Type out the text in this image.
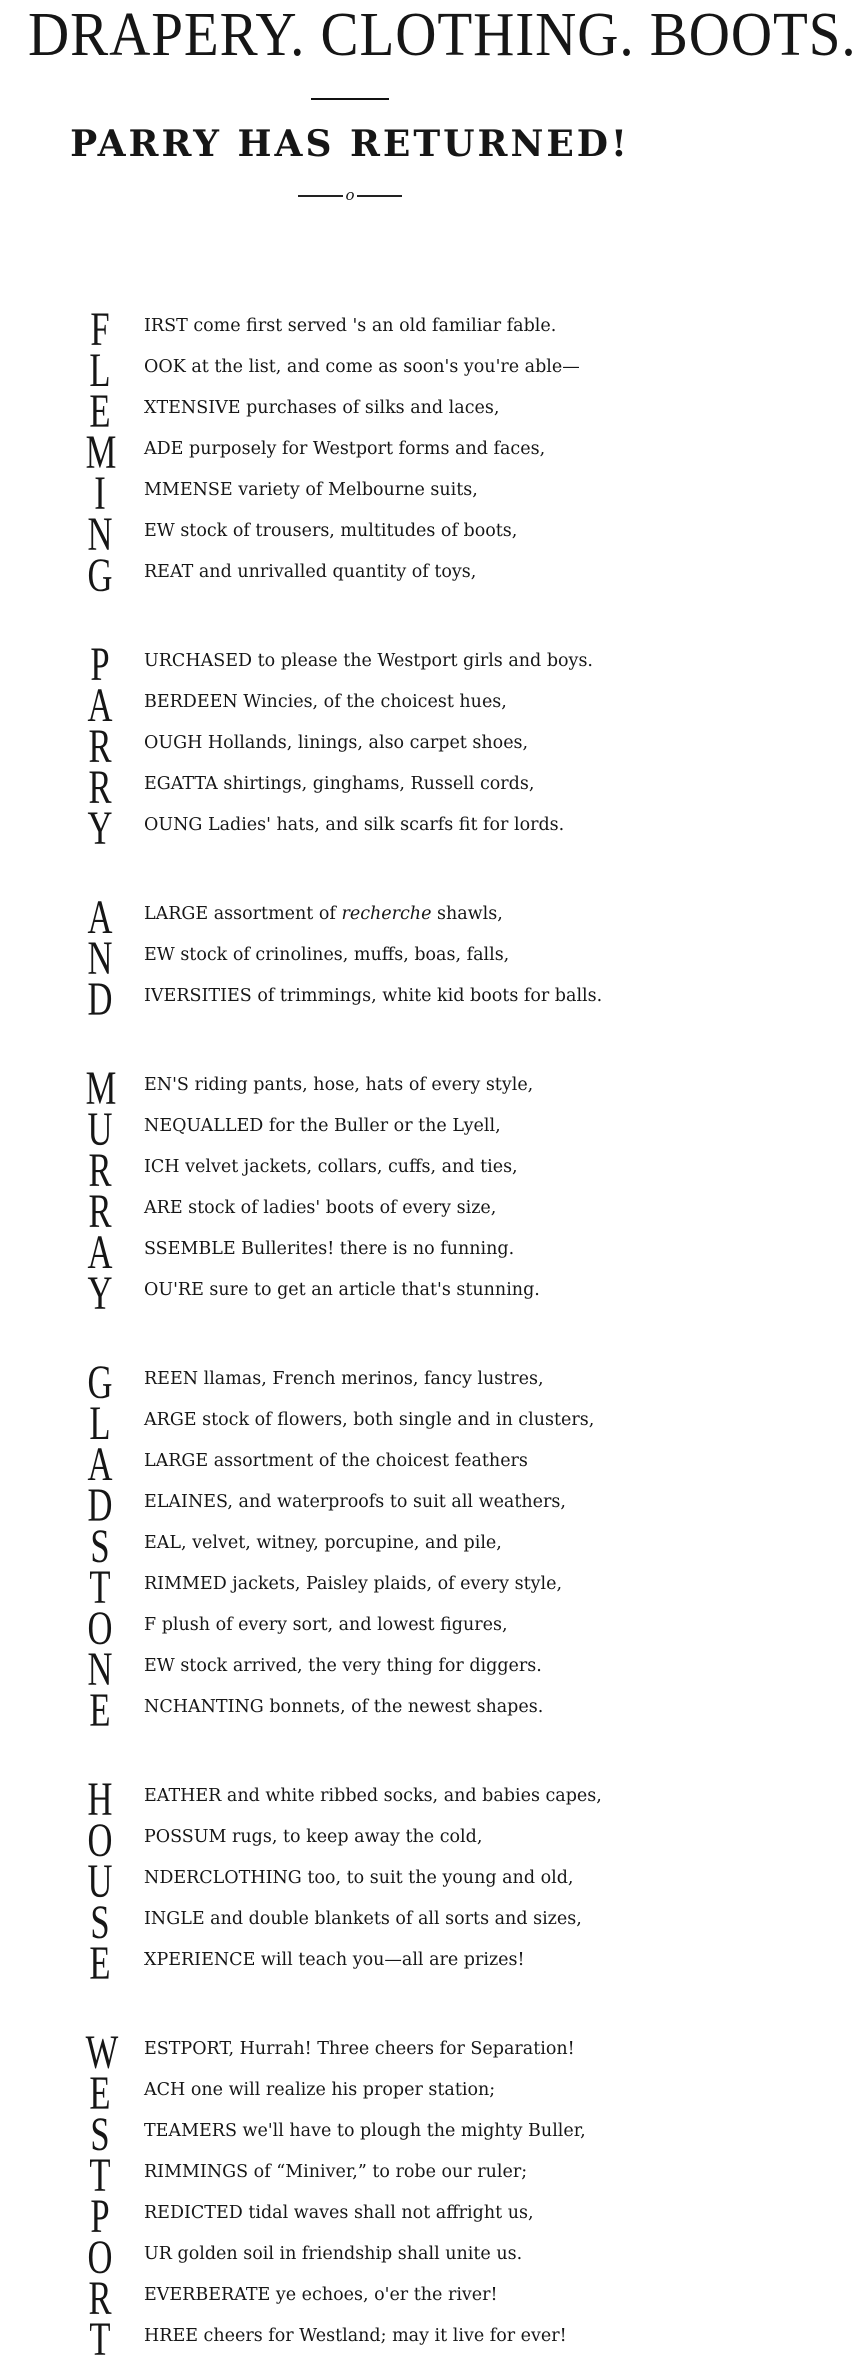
DRAPERY. CLOTHING. BOOTS.
PARRY HAS RETURNED!
o
F IRST come first served 's an old familiar fable.
L OOK at the list, and come as soon's you're able—
E XTENSIVE purchases of silks and laces,
M ADE purposely for Westport forms and faces,
I	MMENSE variety of Melbourne suits,
N EW stock of trousers, multitudes of boots,
G REAT and unrivalled quantity of toys,
P URCHASED to please the Westport girls and boys.
A BERDEEN Wincies, of the choicest hues,
R OUGH Hollands, linings, also carpet shoes,
R EGATTA shirtings, ginghams, Russell cords,
Y OUNG Ladies' hats, and silk scarfs fit for lords.
A LARGE assortment of recherche shawls,
N EW stock of crinolines, muffs, boas, falls,
D IVERSITIES of trimmings, white kid boots for balls.
M EN'S riding pants, hose, hats of every style,
U NEQUALLED for the Buller or the Lyell,
R ICH velvet jackets, collars, cuffs, and ties,
R ARE stock of ladies' boots of every size,
A SSEMBLE Bullerites! there is no funning.
Y OU'RE sure to get an article that's stunning.
G REEN llamas, French merinos, fancy lustres,
L ARGE stock of flowers, both single and in clusters,
A LARGE assortment of the choicest feathers
D ELAINES, and waterproofs to suit all weathers,
S EAL, velvet, witney, porcupine, and pile,
T RIMMED jackets, Paisley plaids, of every style,
O F plush of every sort, and lowest figures,
N EW stock arrived, the very thing for diggers.
E NCHANTING bonnets, of the newest shapes.
H EATHER and white ribbed socks, and babies capes,
O POSSUM rugs, to keep away the cold,
U NDERCLOTHING too, to suit the young and old,
S INGLE and double blankets of all sorts and sizes,
E XPERIENCE will teach you—all are prizes!
W ESTPORT, Hurrah! Three cheers for Separation!
E ACH one will realize his proper station;
S TEAMERS we'll have to plough the mighty Buller,
T RIMMINGS of “Miniver,” to robe our ruler;
P REDICTED tidal waves shall not affright us,
O UR golden soil in friendship shall unite us.
R EVERBERATE ye echoes, o'er the river!
T HREE cheers for Westland; may it live for ever!
